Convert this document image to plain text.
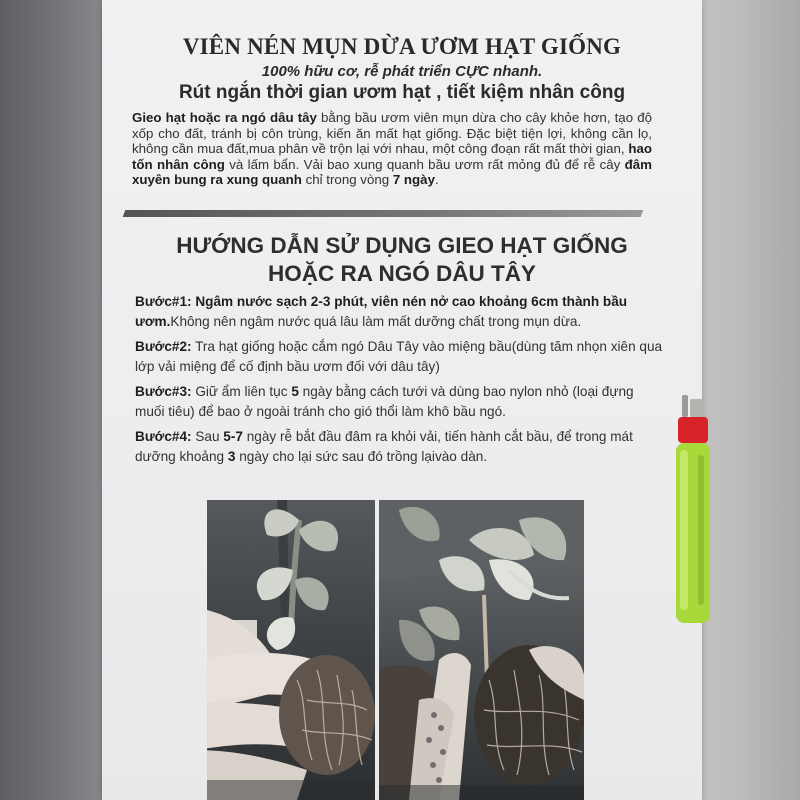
VIÊN NÉN MỤN DỪA ƯƠM HẠT GIỐNG
100% hữu cơ, rễ phát triển CỰC nhanh.
Rút ngắn thời gian ươm hạt , tiết kiệm nhân công
Gieo hạt hoặc ra ngó dâu tây bằng bầu ươm viên mụn dừa cho cây khỏe hơn, tạo độ xốp cho đất, tránh bị côn trùng, kiến ăn mất hạt giống. Đặc biệt tiện lợi, không cần lọ, không cần mua đất,mua phân về trộn lại với nhau, một công đoạn rất mất thời gian, hao tốn nhân công và lấm bẩn. Vải bao xung quanh bầu ươm rất mỏng đủ để rễ cây đâm xuyên bung ra xung quanh chỉ trong vòng 7 ngày.
HƯỚNG DẪN SỬ DỤNG GIEO HẠT GIỐNG
HOẶC RA NGÓ DÂU TÂY
Bước#1: Ngâm nước sạch 2-3 phút, viên nén nở cao khoảng 6cm thành bầu ươm.Không nên ngâm nước quá lâu làm mất dưỡng chất trong mụn dừa.
Bước#2: Tra hạt giống hoặc cắm ngó Dâu Tây vào miệng bầu(dùng tăm nhọn xiên qua lớp vải miệng để cố định bầu ươm đối với dâu tây)
Bước#3: Giữ ẩm liên tục 5 ngày bằng cách tưới và dùng bao nylon nhỏ (loại đựng muối tiêu) để bao ở ngoài tránh cho gió thổi làm khô bầu ngó.
Bước#4: Sau 5-7 ngày rễ bắt đầu đâm ra khỏi vải, tiến hành cắt bầu, để trong mát dưỡng khoảng 3 ngày cho lại sức sau đó trồng lạivào dàn.
